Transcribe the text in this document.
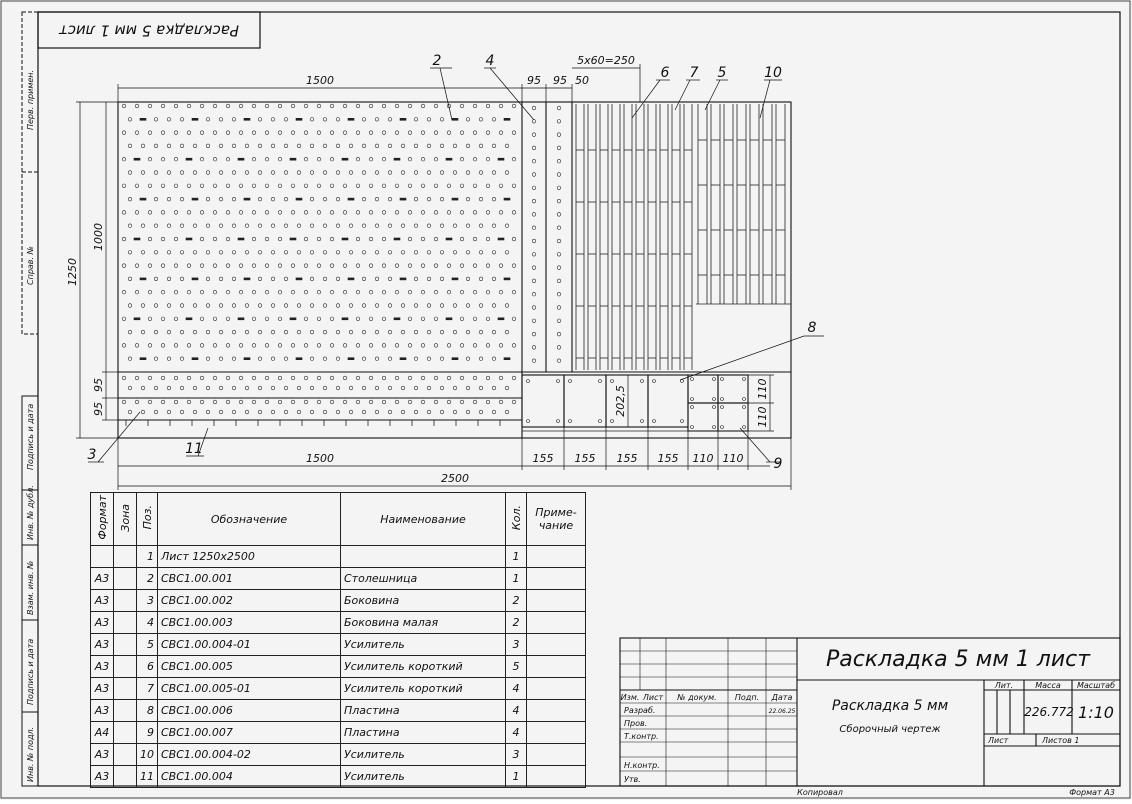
Раскладка 5 мм 1 лист
Перв. примен.
Справ. №
Подпись и дата
Инв. № дубл.
Взам. инв. №
Подпись и дата
Инв. № подл.
1500	95 95 50
5x60=250
1250
1000
95
95
1500
2500
155 155 155 155 110 110
110
110
202,5
2	4
6 7 5	10
8
3	11
9
Раскладка 5 мм 1 лист
Раскладка 5 мм
Сборочный чертеж
Изм. Лист № докум. Подп. Дата
Разраб.	22.06.25
Пров.
Т.контр.
Н.контр.
Утв.
Лит.	Масса Масштаб
226.772 1:10
Лист	Листов 1
Копировал	Формат А3
Формат	Зона	Поз.	Обозначение	Наименование	Кол.	Приме- чание
		1	Лист 1250x2500		1	
А3		2	СВС1.00.001	Столешница	1	
А3		3	СВС1.00.002	Боковина	2	
А3		4	СВС1.00.003	Боковина малая	2	
А3		5	СВС1.00.004-01	Усилитель	3	
А3		6	СВС1.00.005	Усилитель короткий	5	
А3		7	СВС1.00.005-01	Усилитель короткий	4	
А3		8	СВС1.00.006	Пластина	4	
А4		9	СВС1.00.007	Пластина	4	
А3		10	СВС1.00.004-02	Усилитель	3	
А3		11	СВС1.00.004	Усилитель	1	
